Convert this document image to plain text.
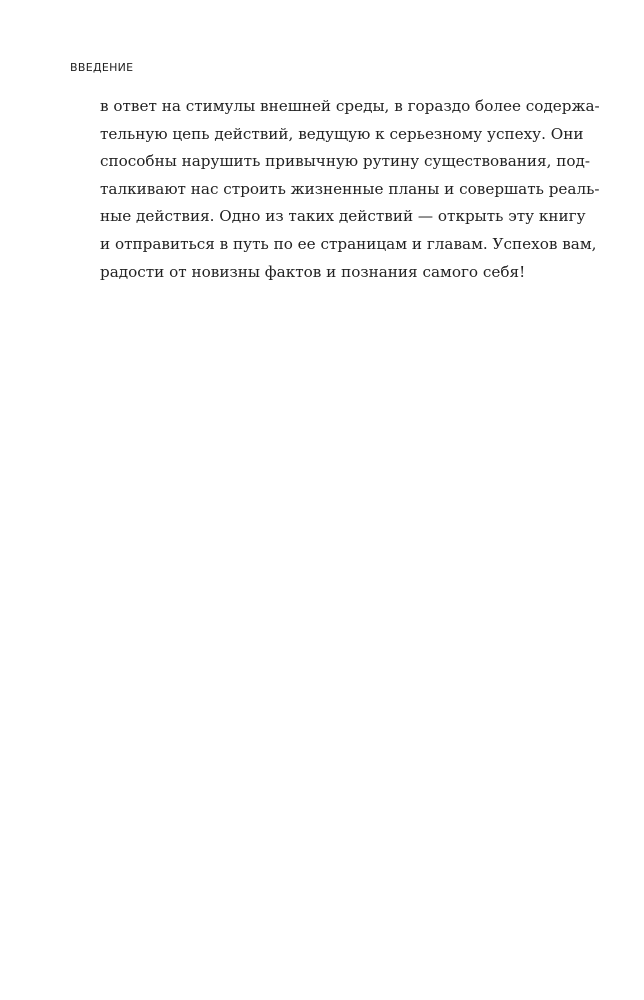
ВВЕДЕНИЕ
в ответ на стимулы внешней среды, в гораздо более содержа-
тельную цепь действий, ведущую к серьезному успеху. Они
способны нарушить привычную рутину существования, под-
талкивают нас строить жизненные планы и совершать реаль-
ные действия. Одно из таких действий — открыть эту книгу
и отправиться в путь по ее страницам и главам. Успехов вам,
радости от новизны фактов и познания самого себя!
